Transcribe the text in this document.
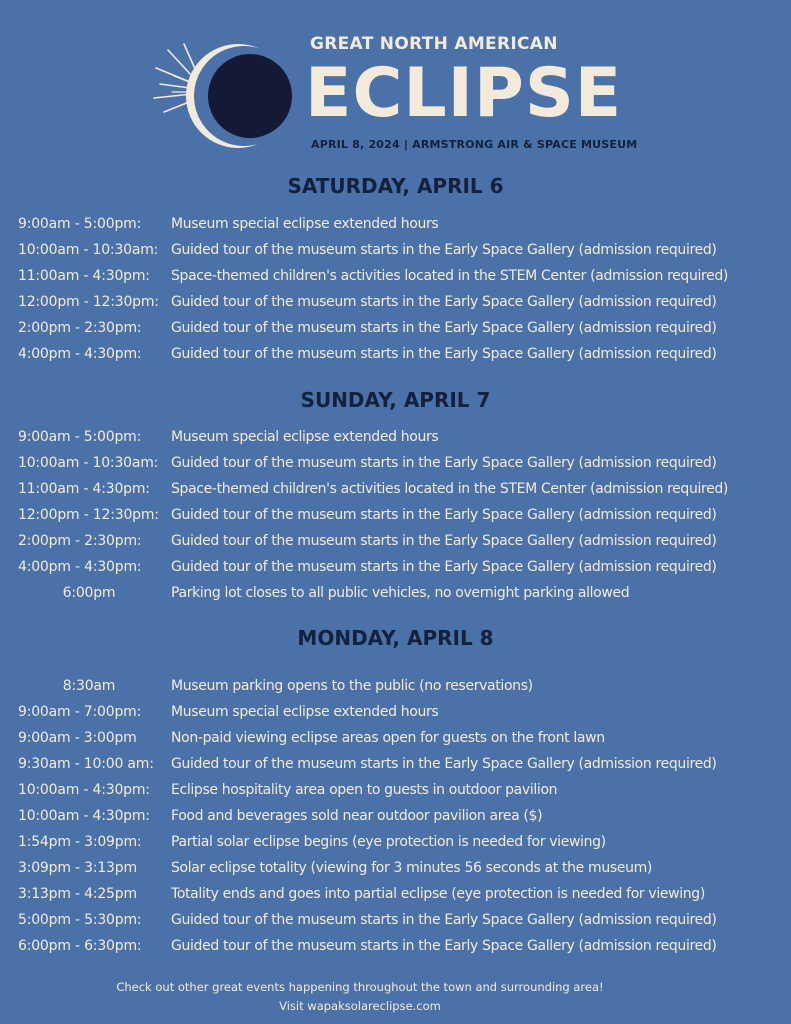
GREAT NORTH AMERICAN
ECLIPSE
APRIL 8, 2024 | ARMSTRONG AIR & SPACE MUSEUM
SATURDAY, APRIL 6
9:00am - 5:00pm:	Museum special eclipse extended hours
10:00am - 10:30am: Guided tour of the museum starts in the Early Space Gallery (admission required)
11:00am - 4:30pm:	Space-themed children's activities located in the STEM Center (admission required)
12:00pm - 12:30pm: Guided tour of the museum starts in the Early Space Gallery (admission required)
2:00pm - 2:30pm:	Guided tour of the museum starts in the Early Space Gallery (admission required)
4:00pm - 4:30pm:	Guided tour of the museum starts in the Early Space Gallery (admission required)
SUNDAY, APRIL 7
9:00am - 5:00pm:	Museum special eclipse extended hours
10:00am - 10:30am: Guided tour of the museum starts in the Early Space Gallery (admission required)
11:00am - 4:30pm:	Space-themed children's activities located in the STEM Center (admission required)
12:00pm - 12:30pm: Guided tour of the museum starts in the Early Space Gallery (admission required)
2:00pm - 2:30pm:	Guided tour of the museum starts in the Early Space Gallery (admission required)
4:00pm - 4:30pm:	Guided tour of the museum starts in the Early Space Gallery (admission required)
6:00pm	Parking lot closes to all public vehicles, no overnight parking allowed
MONDAY, APRIL 8
8:30am	Museum parking opens to the public (no reservations)
9:00am - 7:00pm:	Museum special eclipse extended hours
9:00am - 3:00pm	Non-paid viewing eclipse areas open for guests on the front lawn
9:30am - 10:00 am:	Guided tour of the museum starts in the Early Space Gallery (admission required)
10:00am - 4:30pm:	Eclipse hospitality area open to guests in outdoor pavilion
10:00am - 4:30pm:	Food and beverages sold near outdoor pavilion area ($)
1:54pm - 3:09pm:	Partial solar eclipse begins (eye protection is needed for viewing)
3:09pm - 3:13pm	Solar eclipse totality (viewing for 3 minutes 56 seconds at the museum)
3:13pm - 4:25pm	Totality ends and goes into partial eclipse (eye protection is needed for viewing)
5:00pm - 5:30pm:	Guided tour of the museum starts in the Early Space Gallery (admission required)
6:00pm - 6:30pm:	Guided tour of the museum starts in the Early Space Gallery (admission required)
Check out other great events happening throughout the town and surrounding area!
Visit wapaksolareclipse.com
